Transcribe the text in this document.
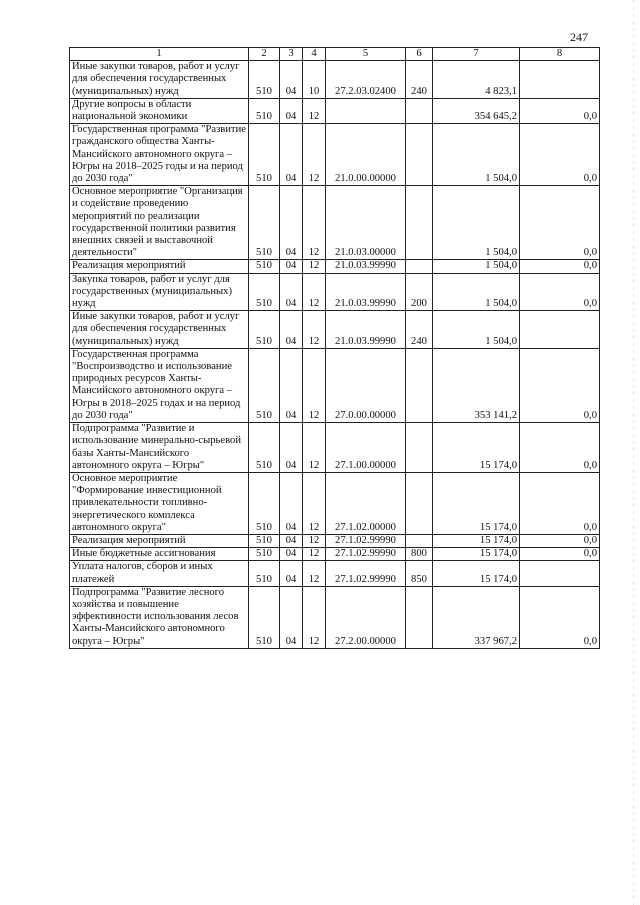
247
1	2	3	4	5	6	7	8
Иные закупки товаров, работ и услуг для обеспечения государственных (муниципальных) нужд	510	04	10	27.2.03.02400	240	4 823,1	
Другие вопросы в области национальной экономики	510	04	12			354 645,2	0,0
Государственная программа "Развитие гражданского общества Ханты-Мансийского автономного округа – Югры на 2018–2025 годы и на период до 2030 года"	510	04	12	21.0.00.00000		1 504,0	0,0
Основное мероприятие "Организация и содействие проведению мероприятий по реализации государственной политики развития внешних связей и выставочной деятельности"	510	04	12	21.0.03.00000		1 504,0	0,0
Реализация мероприятий	510	04	12	21.0.03.99990		1 504,0	0,0
Закупка товаров, работ и услуг для государственных (муниципальных) нужд	510	04	12	21.0.03.99990	200	1 504,0	0,0
Иные закупки товаров, работ и услуг для обеспечения государственных (муниципальных) нужд	510	04	12	21.0.03.99990	240	1 504,0	
Государственная программа "Воспроизводство и использование природных ресурсов Ханты-Мансийского автономного округа – Югры в 2018–2025 годах и на период до 2030 года"	510	04	12	27.0.00.00000		353 141,2	0,0
Подпрограмма "Развитие и использование минерально-сырьевой базы Ханты-Мансийского автономного округа – Югры"	510	04	12	27.1.00.00000		15 174,0	0,0
Основное мероприятие "Формирование инвестиционной привлекательности топливно-энергетического комплекса автономного округа"	510	04	12	27.1.02.00000		15 174,0	0,0
Реализация мероприятий	510	04	12	27.1.02.99990		15 174,0	0,0
Иные бюджетные ассигнования	510	04	12	27.1.02.99990	800	15 174,0	0,0
Уплата налогов, сборов и иных платежей	510	04	12	27.1.02.99990	850	15 174,0	
Подпрограмма "Развитие лесного хозяйства и повышение эффективности использования лесов Ханты-Мансийского автономного округа – Югры"	510	04	12	27.2.00.00000		337 967,2	0,0
